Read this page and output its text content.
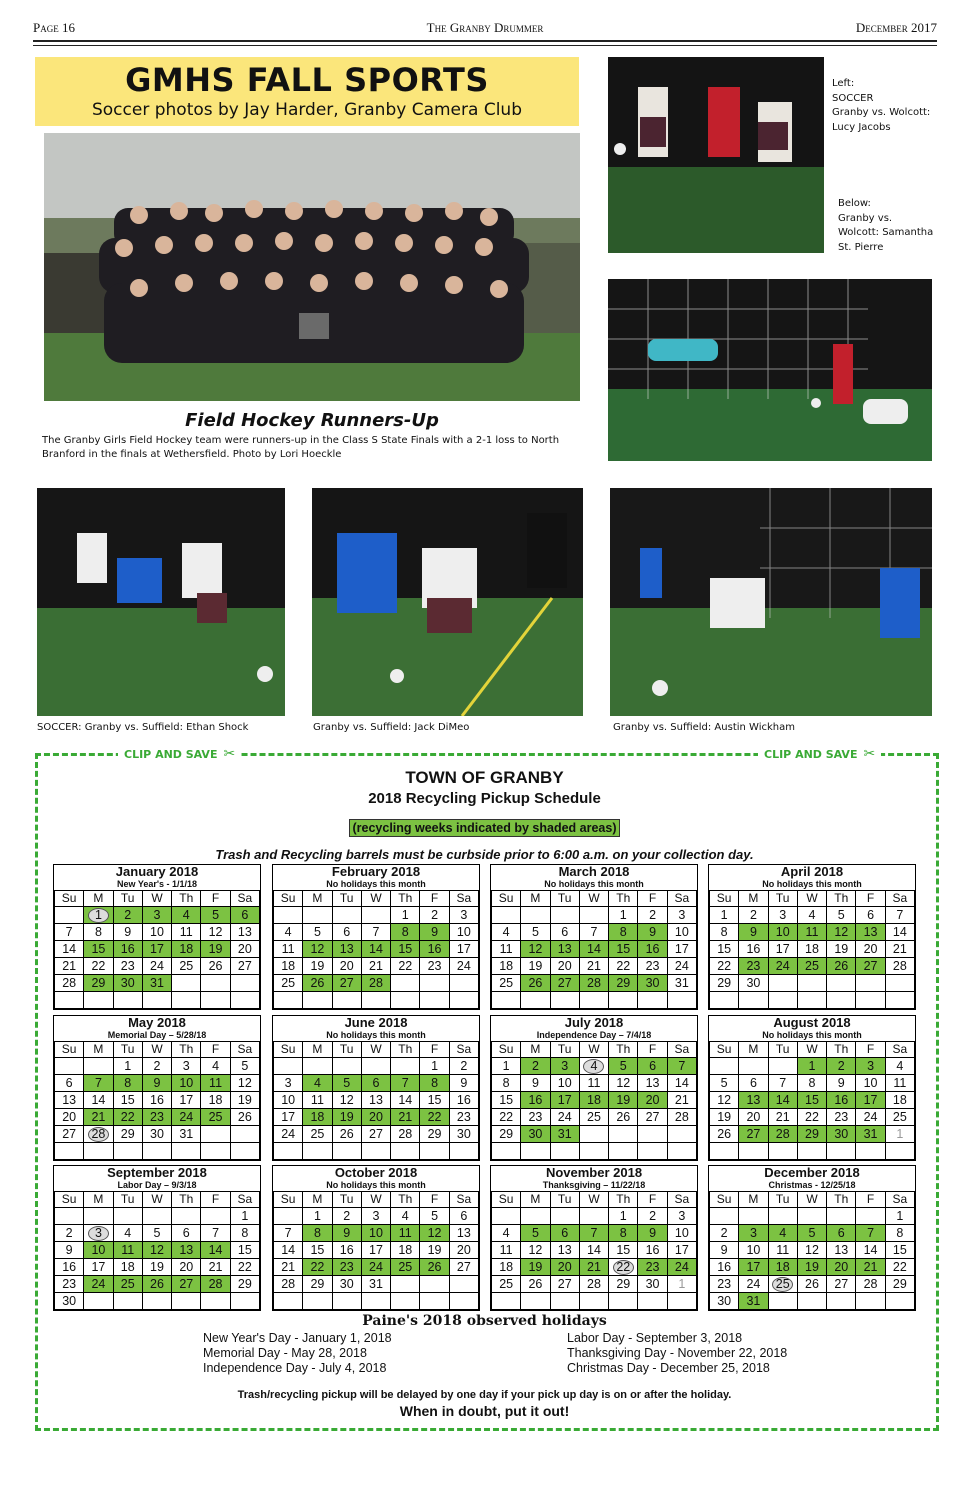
Page 16	The Granby Drummer	December 2017
GMHS FALL SPORTS
Soccer photos by Jay Harder, Granby Camera Club
Field Hockey Runners-Up
The Granby Girls Field Hockey team were runners-up in the Class S State Finals with a 2-1 loss to North Branford in the finals at Wethersfield. Photo by Lori Hoeckle
Left:
SOCCER
Granby vs. Wolcott:
Lucy Jacobs
Below:
Granby vs.
Wolcott: Samantha
St. Pierre
SOCCER: Granby vs. Suffield: Ethan Shock	Granby vs. Suffield: Jack DiMeo	Granby vs. Suffield: Austin Wickham
CLIP AND SAVE ✂	CLIP AND SAVE ✂
TOWN OF GRANBY
2018 Recycling Pickup Schedule
(recycling weeks indicated by shaded areas)
Trash and Recycling barrels must be curbside prior to 6:00 a.m. on your collection day.
January 2018
New Year's - 1/1/18
Su	M	Tu	W	Th	F	Sa
	1	2	3	4	5	6
7	8	9	10	11	12	13
14	15	16	17	18	19	20
21	22	23	24	25	26	27
28	29	30	31			

February 2018
No holidays this month
Su	M	Tu	W	Th	F	Sa
				1	2	3
4	5	6	7	8	9	10
11	12	13	14	15	16	17
18	19	20	21	22	23	24
25	26	27	28			

March 2018
No holidays this month
Su	M	Tu	W	Th	F	Sa
				1	2	3
4	5	6	7	8	9	10
11	12	13	14	15	16	17
18	19	20	21	22	23	24
25	26	27	28	29	30	31

April 2018
No holidays this month
Su	M	Tu	W	Th	F	Sa
1	2	3	4	5	6	7
8	9	10	11	12	13	14
15	16	17	18	19	20	21
22	23	24	25	26	27	28
29	30					

May 2018
Memorial Day – 5/28/18
Su	M	Tu	W	Th	F	Sa
		1	2	3	4	5
6	7	8	9	10	11	12
13	14	15	16	17	18	19
20	21	22	23	24	25	26
27	28	29	30	31		

June 2018
No holidays this month
Su	M	Tu	W	Th	F	Sa
					1	2
3	4	5	6	7	8	9
10	11	12	13	14	15	16
17	18	19	20	21	22	23
24	25	26	27	28	29	30

July 2018
Independence Day – 7/4/18
Su	M	Tu	W	Th	F	Sa
1	2	3	4	5	6	7
8	9	10	11	12	13	14
15	16	17	18	19	20	21
22	23	24	25	26	27	28
29	30	31				

August 2018
No holidays this month
Su	M	Tu	W	Th	F	Sa
			1	2	3	4
5	6	7	8	9	10	11
12	13	14	15	16	17	18
19	20	21	22	23	24	25
26	27	28	29	30	31	1

September 2018
Labor Day – 9/3/18
Su	M	Tu	W	Th	F	Sa
						1
2	3	4	5	6	7	8
9	10	11	12	13	14	15
16	17	18	19	20	21	22
23	24	25	26	27	28	29
30						
October 2018
No holidays this month
Su	M	Tu	W	Th	F	Sa
	1	2	3	4	5	6
7	8	9	10	11	12	13
14	15	16	17	18	19	20
21	22	23	24	25	26	27
28	29	30	31			

November 2018
Thanksgiving – 11/22/18
Su	M	Tu	W	Th	F	Sa
				1	2	3
4	5	6	7	8	9	10
11	12	13	14	15	16	17
18	19	20	21	22	23	24
25	26	27	28	29	30	1

December 2018
Christmas - 12/25/18
Su	M	Tu	W	Th	F	Sa
						1
2	3	4	5	6	7	8
9	10	11	12	13	14	15
16	17	18	19	20	21	22
23	24	25	26	27	28	29
30	31					
Paine's 2018 observed holidays
New Year's Day - January 1, 2018
Memorial Day - May 28, 2018
Independence Day - July 4, 2018
Labor Day - September 3, 2018
Thanksgiving Day - November 22, 2018
Christmas Day - December 25, 2018
Trash/recycling pickup will be delayed by one day if your pick up day is on or after the holiday.
When in doubt, put it out!
